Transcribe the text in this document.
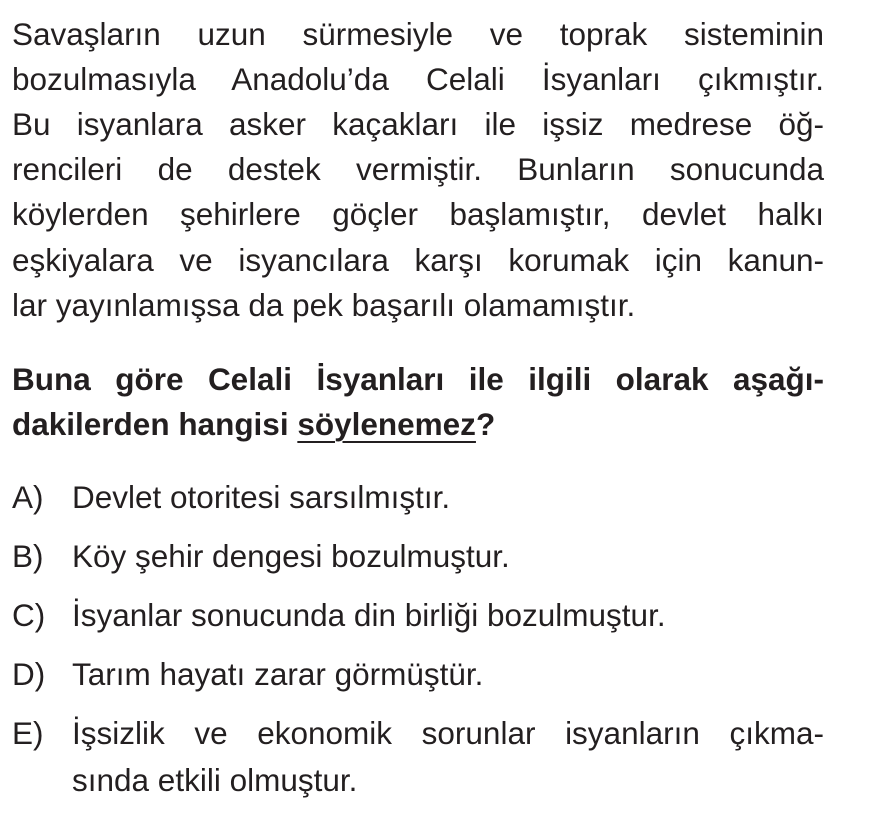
Savaşların uzun sürmesiyle ve toprak sisteminin
bozulmasıyla Anadolu’da Celali İsyanları çıkmıştır.
Bu isyanlara asker kaçakları ile işsiz medrese öğ-
rencileri de destek vermiştir. Bunların sonucunda
köylerden şehirlere göçler başlamıştır, devlet halkı
eşkiyalara ve isyancılara karşı korumak için kanun-
lar yayınlamışsa da pek başarılı olamamıştır.
Buna göre Celali İsyanları ile ilgili olarak aşağı-
dakilerden hangisi söylenemez?
A) Devlet otoritesi sarsılmıştır.
B) Köy şehir dengesi bozulmuştur.
C) İsyanlar sonucunda din birliği bozulmuştur.
D) Tarım hayatı zarar görmüştür.
E) İşsizlik ve ekonomik sorunlar isyanların çıkma-
sında etkili olmuştur.
